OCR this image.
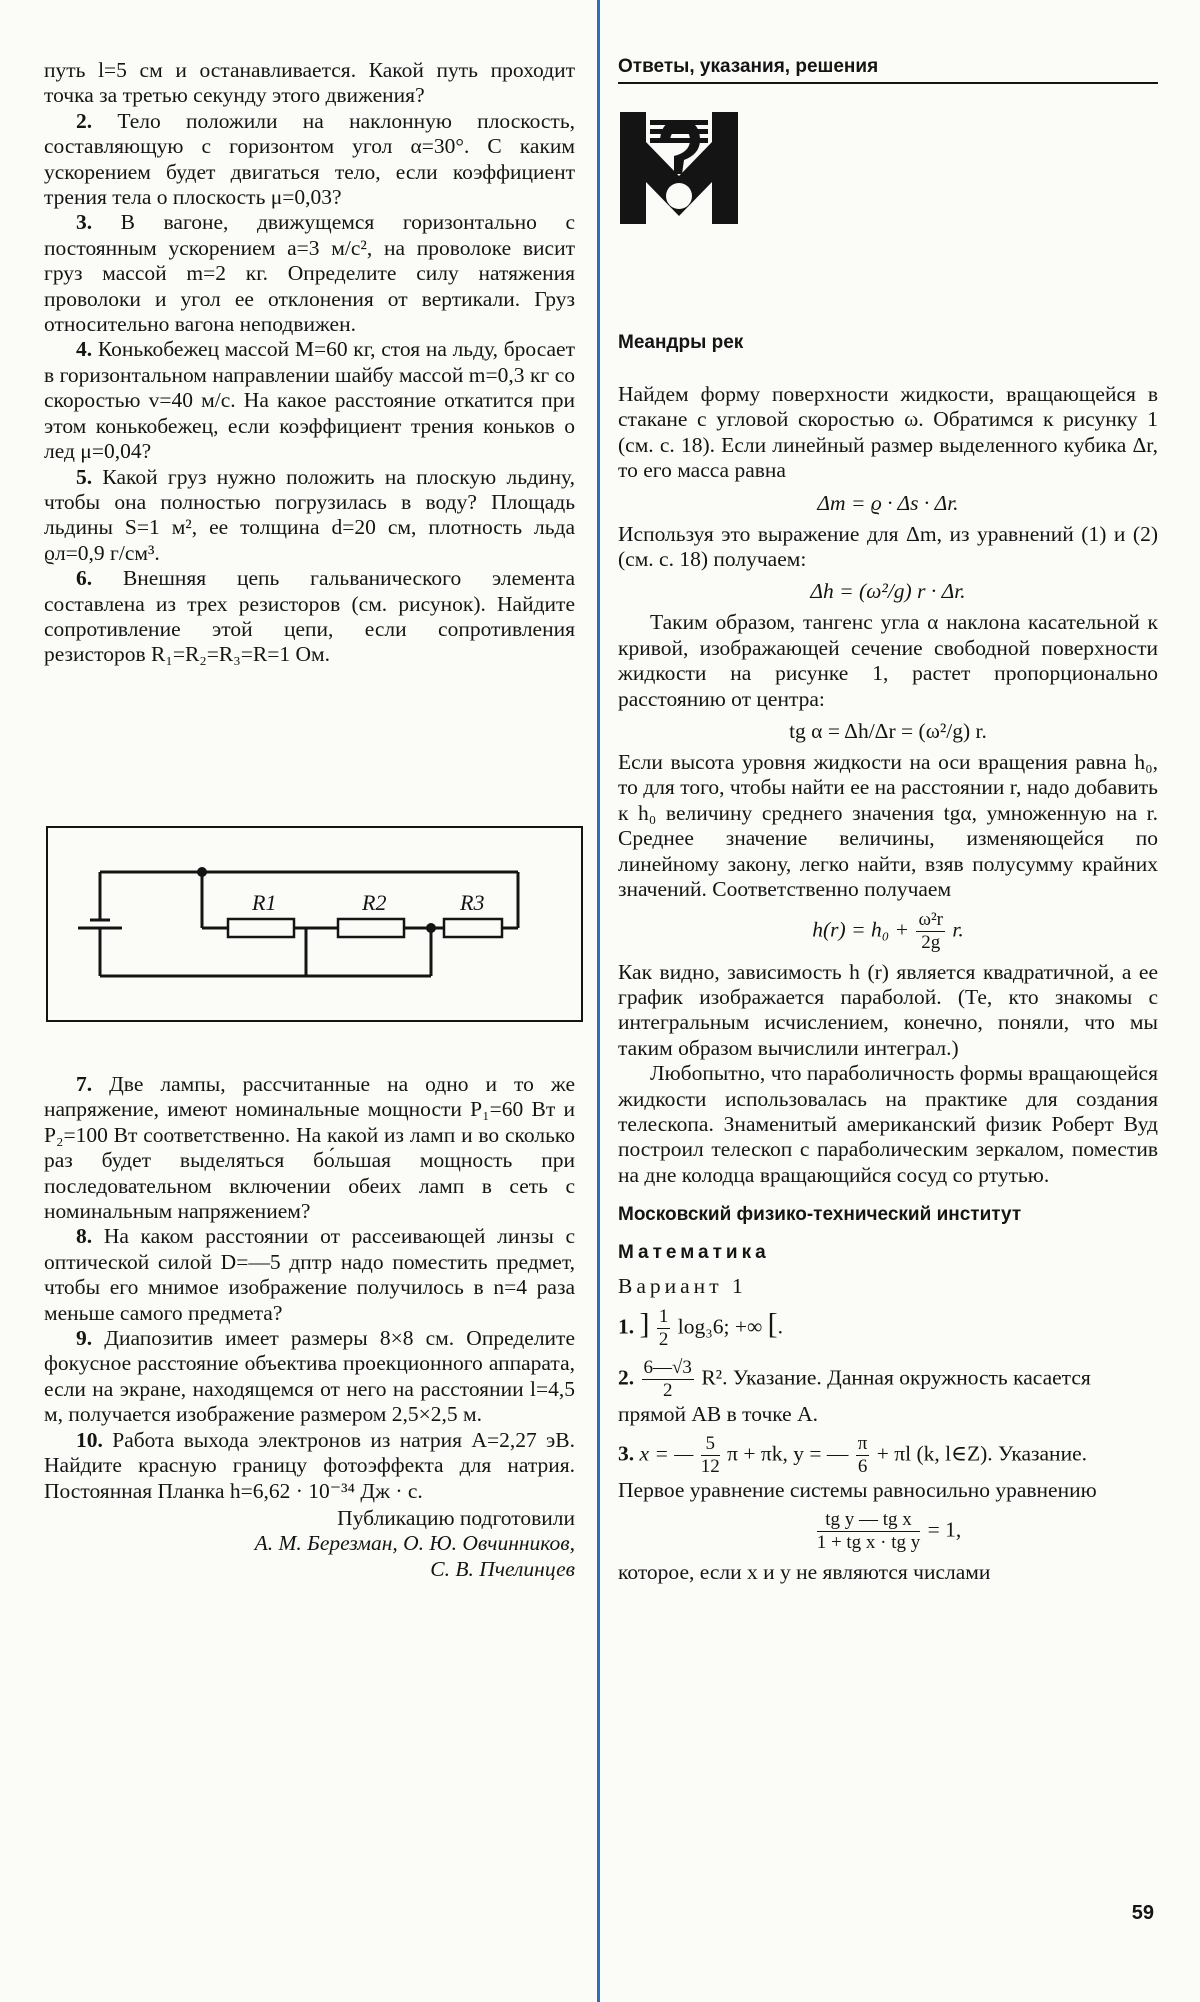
путь l=5 см и останавливается. Какой путь проходит точка за третью секунду этого движения?

2. Тело положили на наклонную плоскость, составляющую с горизонтом угол α=30°. С каким ускорением будет двигаться тело, если коэффициент трения тела о плоскость μ=0,03?

3. В вагоне, движущемся горизонтально с постоянным ускорением a=3 м/с², на проволоке висит груз массой m=2 кг. Определите силу натяжения проволоки и угол ее отклонения от вертикали. Груз относительно вагона неподвижен.

4. Конькобежец массой M=60 кг, стоя на льду, бросает в горизонтальном направлении шайбу массой m=0,3 кг со скоростью v=40 м/с. На какое расстояние откатится при этом конькобежец, если коэффициент трения коньков о лед μ=0,04?

5. Какой груз нужно положить на плоскую льдину, чтобы она полностью погрузилась в воду? Площадь льдины S=1 м², ее толщина d=20 см, плотность льда ϱл=0,9 г/см³.

6. Внешняя цепь гальванического элемента составлена из трех резисторов (см. рисунок). Найдите сопротивление этой цепи, если сопротивления резисторов R₁=R₂=R₃=R=1 Ом.

R1	R2	R3

7. Две лампы, рассчитанные на одно и то же напряжение, имеют номинальные мощности P₁=60 Вт и P₂=100 Вт соответственно. На какой из ламп и во сколько раз будет выделяться бо́льшая мощность при последовательном включении обеих ламп в сеть с номинальным напряжением?

8. На каком расстоянии от рассеивающей линзы с оптической силой D=—5 дптр надо поместить предмет, чтобы его мнимое изображение получилось в n=4 раза меньше самого предмета?

9. Диапозитив имеет размеры 8×8 см. Определите фокусное расстояние объектива проекционного аппарата, если на экране, находящемся от него на расстоянии l=4,5 м, получается изображение размером 2,5×2,5 м.

10. Работа выхода электронов из натрия A=2,27 эВ. Найдите красную границу фотоэффекта для натрия. Постоянная Планка h=6,62 · 10⁻³⁴ Дж · с.

Публикацию подготовили

А. М. Березман, О. Ю. Овчинников,

С. В. Пчелинцев

Ответы, указания, решения
Меандры рек

Найдем форму поверхности жидкости, вращающейся в стакане с угловой скоростью ω. Обратимся к рисунку 1 (см. с. 18). Если линейный размер выделенного кубика Δr, то его масса равна

Δm = ϱ · Δs · Δr.

Используя это выражение для Δm, из уравнений (1) и (2) (см. с. 18) получаем:

Δh = (ω²/g) r · Δr.

Таким образом, тангенс угла α наклона касательной к кривой, изображающей сечение свободной поверхности жидкости на рисунке 1, растет пропорционально расстоянию от центра:

tg α = Δh/Δr = (ω²/g) r.

Если высота уровня жидкости на оси вращения равна h₀, то для того, чтобы найти ее на расстоянии r, надо добавить к h₀ величину среднего значения tgα, умноженную на r. Среднее значение величины, изменяющейся по линейному закону, легко найти, взяв полусумму крайних значений. Соответственно получаем

$h(r) = h_0 + \frac{\text{ω²r}}{2g} r$.

Как видно, зависимость h (r) является квадратичной, а ее график изображается параболой. (Те, кто знакомы с интегральным исчислением, конечно, поняли, что мы таким образом вычислили интеграл.)

Любопытно, что параболичность формы вращающейся жидкости использовалась на практике для создания телескопа. Знаменитый американский физик Роберт Вуд построил телескоп с параболическим зеркалом, поместив на дне колодца вращающийся сосуд со ртутью.

Московский физико-технический институт
Математика

Вариант 1

1. ] $\frac{1}{2} \log_36$; +∞ [.

2. $\frac{6—√3}{2} R^2$. Указание. Данная окружность касается прямой AB в точке A.

3. x = — $\frac{5}{12}$ π + πk, y = — $\frac{\pi}{6} + \pi l$ (k, l∈Z). Указание. Первое уравнение системы равносильно уравнению

$\frac{\text{tg y — tg x}}{\text{1 + tg x · tg y}} = 1$,

которое, если x и y не являются числами

59
